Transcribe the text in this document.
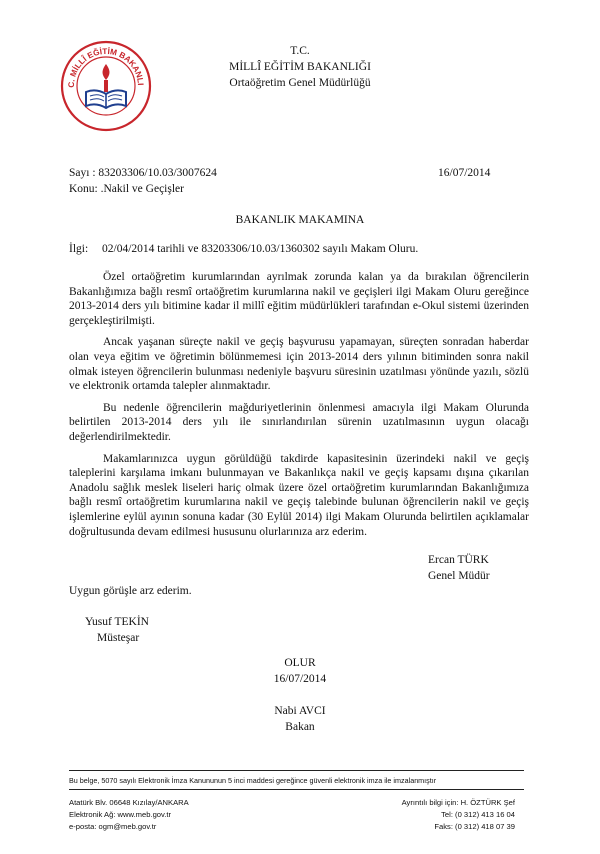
C. MİLLÎ EĞİTİM BAKANLI
T.C.
MİLLÎ EĞİTİM BAKANLIĞI
Ortaöğretim Genel Müdürlüğü
Sayı : 83203306/10.03/3007624	16/07/2014
Konu: .Nakil ve Geçişler
BAKANLIK MAKAMINA
İlgi: 02/04/2014 tarihli ve 83203306/10.03/1360302 sayılı Makam Oluru.

Özel ortaöğretim kurumlarından ayrılmak zorunda kalan ya da bırakılan öğrencilerin Bakanlığımıza bağlı resmî ortaöğretim kurumlarına nakil ve geçişleri ilgi Makam Oluru gereğince 2013-2014 ders yılı bitimine kadar il millî eğitim müdürlükleri tarafından e-Okul sistemi üzerinden gerçekleştirilmişti.

Ancak yaşanan süreçte nakil ve geçiş başvurusu yapamayan, süreçten sonradan haberdar olan veya eğitim ve öğretimin bölünmemesi için 2013-2014 ders yılının bitiminden sonra nakil olmak isteyen öğrencilerin bulunması nedeniyle başvuru süresinin uzatılması yönünde yazılı, sözlü ve elektronik ortamda talepler alınmaktadır.

Bu nedenle öğrencilerin mağduriyetlerinin önlenmesi amacıyla ilgi Makam Olurunda belirtilen 2013-2014 ders yılı ile sınırlandırılan sürenin uzatılmasının uygun olacağı değerlendirilmektedir.

Makamlarınızca uygun görüldüğü takdirde kapasitesinin üzerindeki nakil ve geçiş taleplerini karşılama imkanı bulunmayan ve Bakanlıkça nakil ve geçiş kapsamı dışına çıkarılan Anadolu sağlık meslek liseleri hariç olmak üzere özel ortaöğretim kurumlarından Bakanlığımıza bağlı resmî ortaöğretim kurumlarına nakil ve geçiş talebinde bulunan öğrencilerin nakil ve geçiş işlemlerine eylül ayının sonuna kadar (30 Eylül 2014) ilgi Makam Olurunda belirtilen açıklamalar doğrultusunda devam edilmesi hususunu olurlarınıza arz ederim.

Ercan TÜRK
Genel Müdür
Uygun görüşle arz ederim.
Yusuf TEKİN
Müsteşar
OLUR
16/07/2014
Nabi AVCI
Bakan
Bu belge, 5070 sayılı Elektronik İmza Kanununun 5 inci maddesi gereğince güvenli elektronik imza ile imzalanmıştır
Atatürk Blv. 06648 Kızılay/ANKARA
Elektronik Ağ: www.meb.gov.tr
e-posta: ogm@meb.gov.tr
Ayrıntılı bilgi için: H. ÖZTÜRK Şef
Tel: (0 312) 413 16 04
Faks: (0 312) 418 07 39
